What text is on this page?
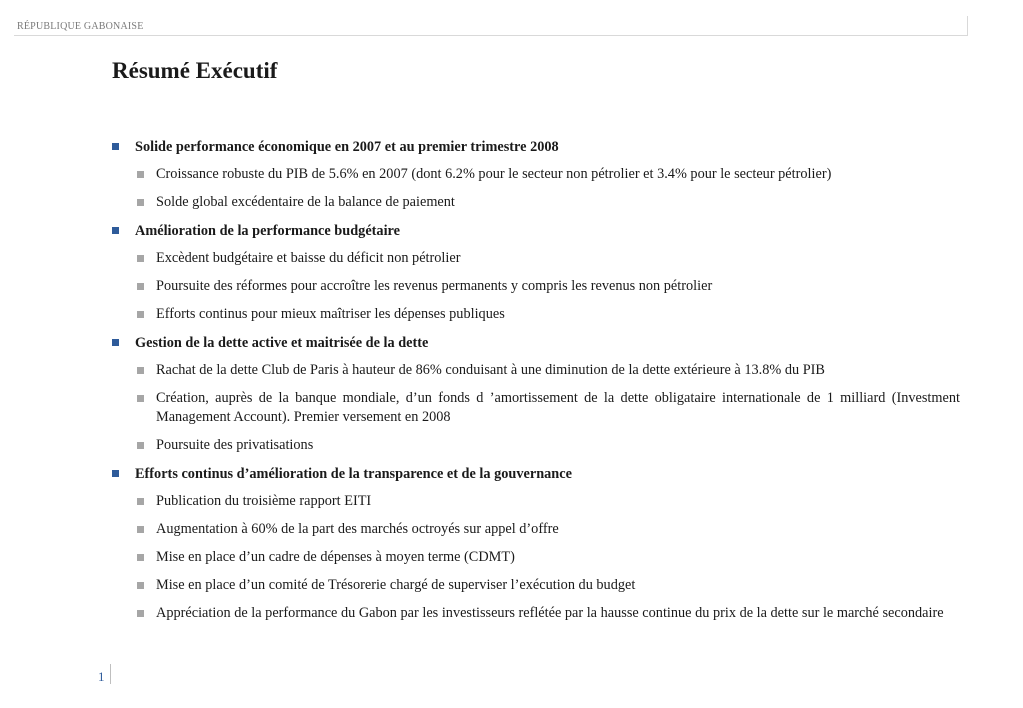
RÉPUBLIQUE GABONAISE
Résumé Exécutif
Solide performance économique en 2007 et au premier trimestre 2008
Croissance robuste du PIB de 5.6% en 2007 (dont 6.2% pour le secteur non pétrolier et 3.4% pour le secteur pétrolier)
Solde global excédentaire de la balance de paiement
Amélioration de la performance budgétaire
Excèdent budgétaire et baisse du déficit non pétrolier
Poursuite des réformes pour accroître les revenus permanents y compris les revenus non pétrolier
Efforts continus pour mieux maîtriser les dépenses publiques
Gestion de la dette active et maitrisée de la dette
Rachat de la dette Club de Paris à hauteur de 86% conduisant à une diminution de la dette extérieure à 13.8% du PIB
Création, auprès de la banque mondiale, d’un fonds d ’amortissement de la dette obligataire internationale de 1 milliard (Investment Management Account). Premier versement en 2008
Poursuite des privatisations
Efforts continus d’amélioration de la transparence et de la gouvernance
Publication du troisième rapport EITI
Augmentation à 60% de la part des marchés octroyés sur appel d’offre
Mise en place d’un cadre de dépenses à moyen terme (CDMT)
Mise en place d’un comité de Trésorerie chargé de superviser l’exécution du budget
Appréciation de la performance du Gabon par les investisseurs reflétée par la hausse continue du prix de la dette sur le marché secondaire
1
